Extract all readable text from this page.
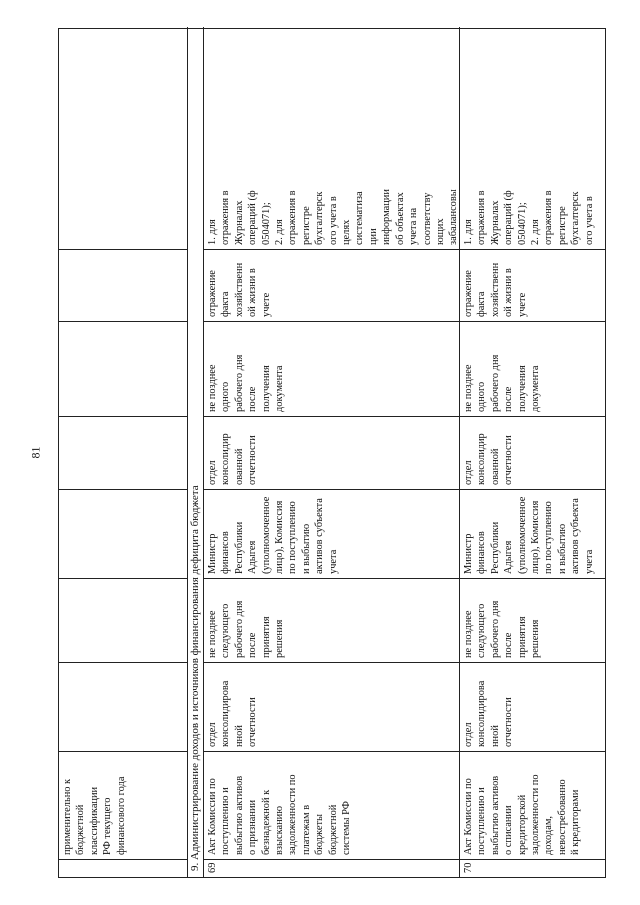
81
применительно к
бюджетной
классификации
РФ текущего
финансового года	9. Администрирование доходов и источников финансирования дефицита бюджета 69
Акт Комиссии по
поступлению и
выбытию активов
о признании
безнадежной к
взысканию
задолженности по
платежам в
бюджеты
бюджетной
системы РФ
отдел
консолидирова
нной
отчетности
не позднее
следующего
рабочего дня
после
принятия
решения
Министр
финансов
Республики
Адыгея
(уполномоченное
лицо), Комиссия
по поступлению
и выбытию
активов субъекта
учета
отдел
консолидир
ованной
отчетности
не позднее
одного
рабочего дня
после
получения
документа
отражение
факта
хозяйственн
ой жизни в
учете
1. для
отражения в
Журналах
операций (ф
0504071);
2. для
отражения в
регистре
бухгалтерск
ого учета в
целях
систематиза
ции
информации
об объектах
учета на
соответству
ющих
забалансовы

70
Акт Комиссии по
поступлению и
выбытию активов
о списании
кредиторской
задолженности по
доходам,
невостребованно
й кредиторами
отдел
консолидирова
нной
отчетности
не позднее
следующего
рабочего дня
после
принятия
решения
Министр
финансов
Республики
Адыгея
(уполномоченное
лицо), Комиссия
по поступлению
и выбытию
активов субъекта
учета
отдел
консолидир
ованной
отчетности
не позднее
одного
рабочего дня
после
получения
документа
отражение
факта
хозяйственн
ой жизни в
учете
1. для
отражения в
Журналах
операций (ф
0504071);
2. для
отражения в
регистре
бухгалтерск
ого учета в
